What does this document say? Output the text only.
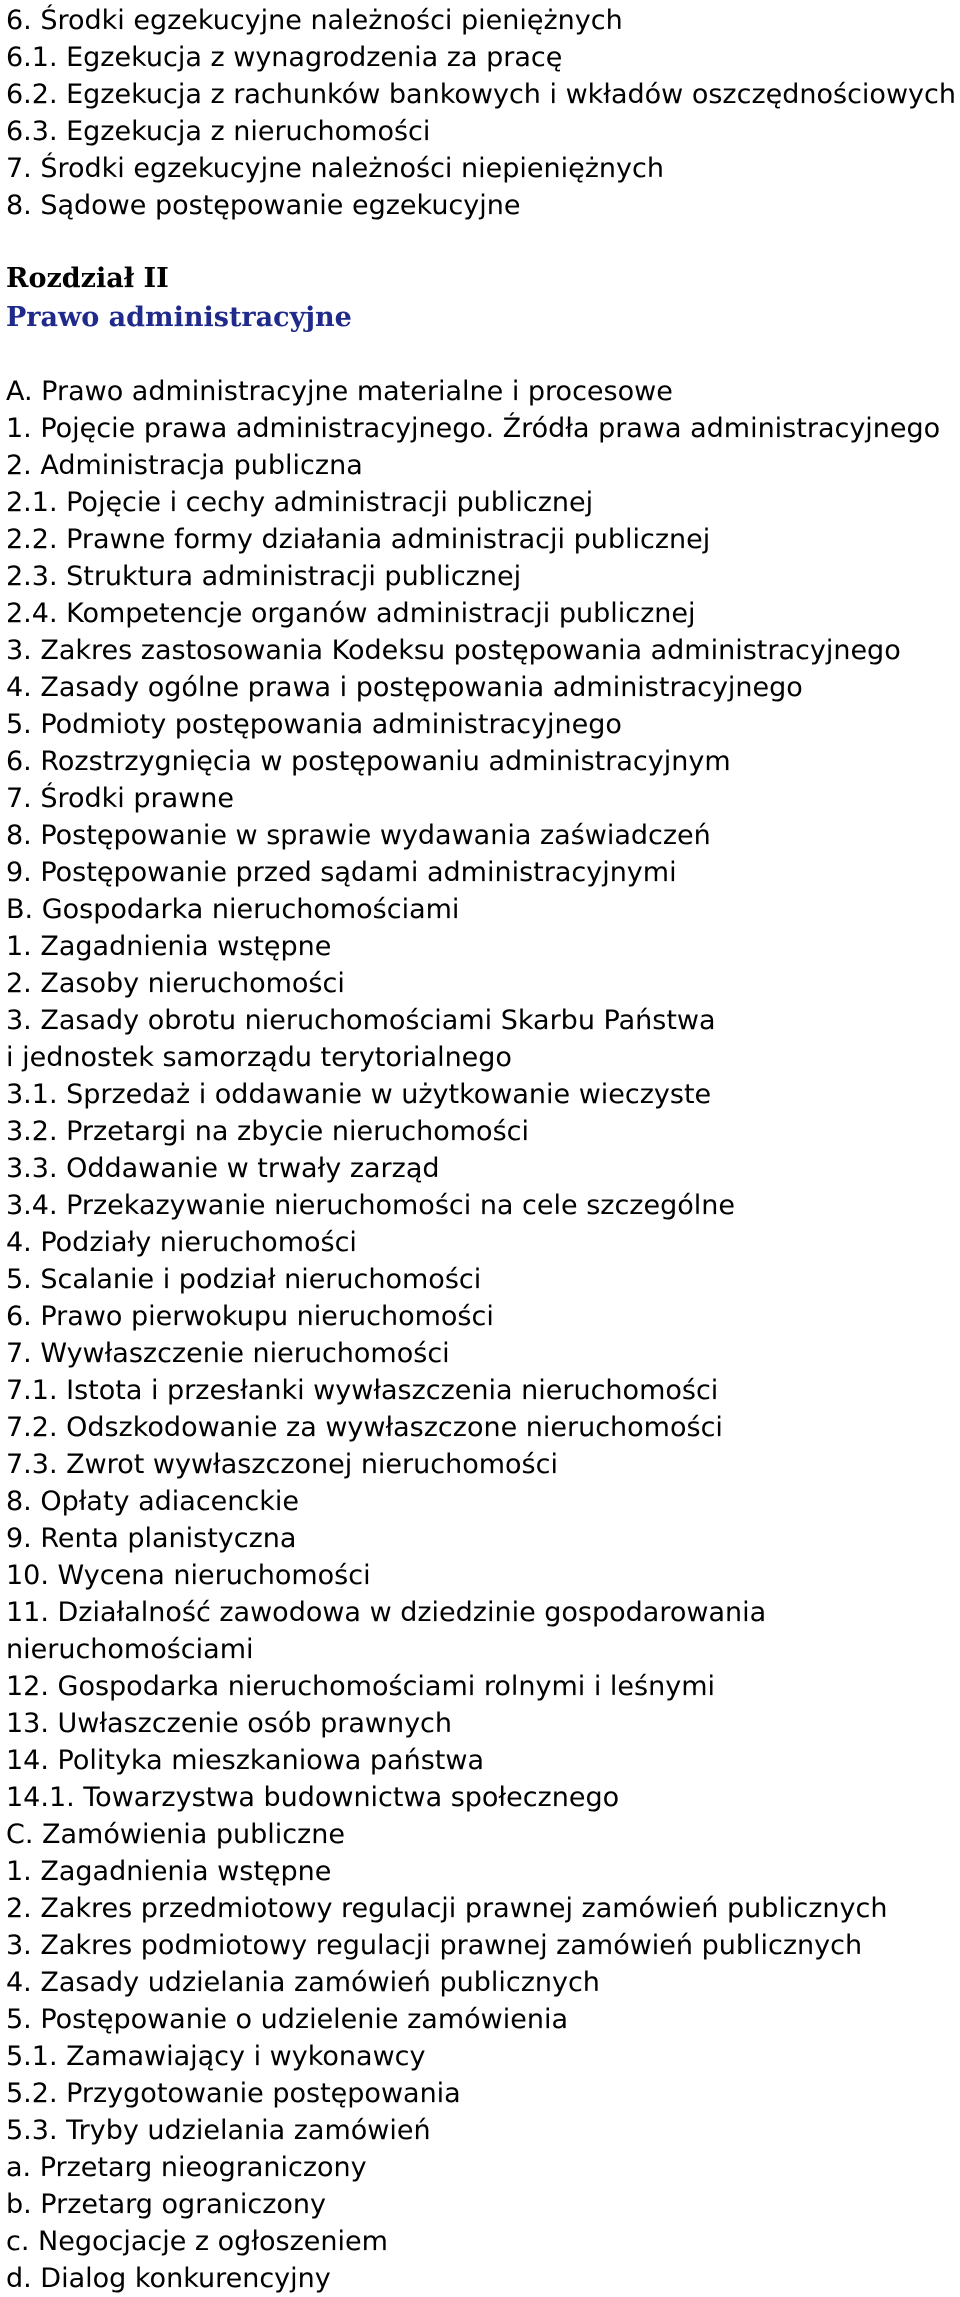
6. Środki egzekucyjne należności pieniężnych
6.1. Egzekucja z wynagrodzenia za pracę
6.2. Egzekucja z rachunków bankowych i wkładów oszczędnościowych
6.3. Egzekucja z nieruchomości
7. Środki egzekucyjne należności niepieniężnych
8. Sądowe postępowanie egzekucyjne
Rozdział II
Prawo administracyjne
A. Prawo administracyjne materialne i procesowe
1. Pojęcie prawa administracyjnego. Źródła prawa administracyjnego
2. Administracja publiczna
2.1. Pojęcie i cechy administracji publicznej
2.2. Prawne formy działania administracji publicznej
2.3. Struktura administracji publicznej
2.4. Kompetencje organów administracji publicznej
3. Zakres zastosowania Kodeksu postępowania administracyjnego
4. Zasady ogólne prawa i postępowania administracyjnego
5. Podmioty postępowania administracyjnego
6. Rozstrzygnięcia w postępowaniu administracyjnym
7. Środki prawne
8. Postępowanie w sprawie wydawania zaświadczeń
9. Postępowanie przed sądami administracyjnymi
B. Gospodarka nieruchomościami
1. Zagadnienia wstępne
2. Zasoby nieruchomości
3. Zasady obrotu nieruchomościami Skarbu Państwa
i jednostek samorządu terytorialnego
3.1. Sprzedaż i oddawanie w użytkowanie wieczyste
3.2. Przetargi na zbycie nieruchomości
3.3. Oddawanie w trwały zarząd
3.4. Przekazywanie nieruchomości na cele szczególne
4. Podziały nieruchomości
5. Scalanie i podział nieruchomości
6. Prawo pierwokupu nieruchomości
7. Wywłaszczenie nieruchomości
7.1. Istota i przesłanki wywłaszczenia nieruchomości
7.2. Odszkodowanie za wywłaszczone nieruchomości
7.3. Zwrot wywłaszczonej nieruchomości
8. Opłaty adiacenckie
9. Renta planistyczna
10. Wycena nieruchomości
11. Działalność zawodowa w dziedzinie gospodarowania
nieruchomościami
12. Gospodarka nieruchomościami rolnymi i leśnymi
13. Uwłaszczenie osób prawnych
14. Polityka mieszkaniowa państwa
14.1. Towarzystwa budownictwa społecznego
C. Zamówienia publiczne
1. Zagadnienia wstępne
2. Zakres przedmiotowy regulacji prawnej zamówień publicznych
3. Zakres podmiotowy regulacji prawnej zamówień publicznych
4. Zasady udzielania zamówień publicznych
5. Postępowanie o udzielenie zamówienia
5.1. Zamawiający i wykonawcy
5.2. Przygotowanie postępowania
5.3. Tryby udzielania zamówień
a. Przetarg nieograniczony
b. Przetarg ograniczony
c. Negocjacje z ogłoszeniem
d. Dialog konkurencyjny
